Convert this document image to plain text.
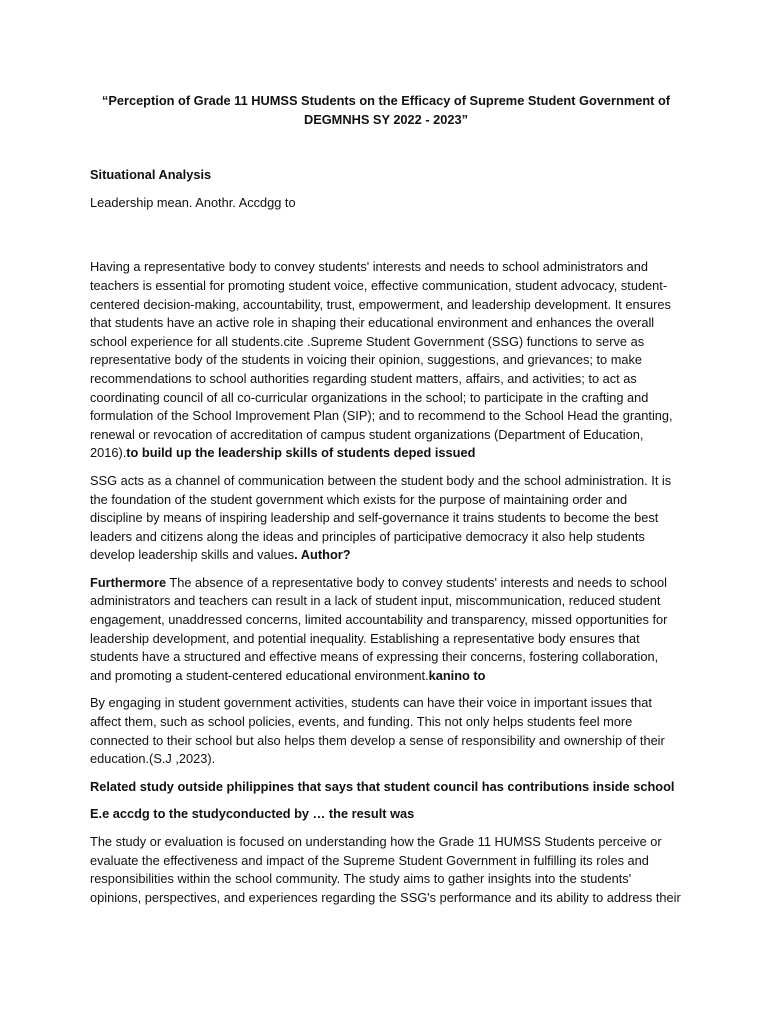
“Perception of Grade 11 HUMSS Students on the Efficacy of Supreme Student Government of DEGMNHS SY 2022 - 2023”

Situational Analysis

Leadership mean. Anothr. Accdgg to

Having a representative body to convey students' interests and needs to school administrators and teachers is essential for promoting student voice, effective communication, student advocacy, student-centered decision-making, accountability, trust, empowerment, and leadership development. It ensures that students have an active role in shaping their educational environment and enhances the overall school experience for all students.cite .Supreme Student Government (SSG) functions to serve as representative body of the students in voicing their opinion, suggestions, and grievances; to make recommendations to school authorities regarding student matters, affairs, and activities; to act as coordinating council of all co-curricular organizations in the school; to participate in the crafting and formulation of the School Improvement Plan (SIP); and to recommend to the School Head the granting, renewal or revocation of accreditation of campus student organizations (Department of Education, 2016).to build up the leadership skills of students deped issued

SSG acts as a channel of communication between the student body and the school administration. It is the foundation of the student government which exists for the purpose of maintaining order and discipline by means of inspiring leadership and self-governance it trains students to become the best leaders and citizens along the ideas and principles of participative democracy it also help students develop leadership skills and values. Author?

Furthermore The absence of a representative body to convey students' interests and needs to school administrators and teachers can result in a lack of student input, miscommunication, reduced student engagement, unaddressed concerns, limited accountability and transparency, missed opportunities for leadership development, and potential inequality. Establishing a representative body ensures that students have a structured and effective means of expressing their concerns, fostering collaboration, and promoting a student-centered educational environment.kanino to

By engaging in student government activities, students can have their voice in important issues that affect them, such as school policies, events, and funding. This not only helps students feel more connected to their school but also helps them develop a sense of responsibility and ownership of their education.(S.J ,2023).

Related study outside philippines that says that student council has contributions inside school

E.e accdg to the studyconducted by … the result was

The study or evaluation is focused on understanding how the Grade 11 HUMSS Students perceive or evaluate the effectiveness and impact of the Supreme Student Government in fulfilling its roles and responsibilities within the school community. The study aims to gather insights into the students' opinions, perspectives, and experiences regarding the SSG's performance and its ability to address their
